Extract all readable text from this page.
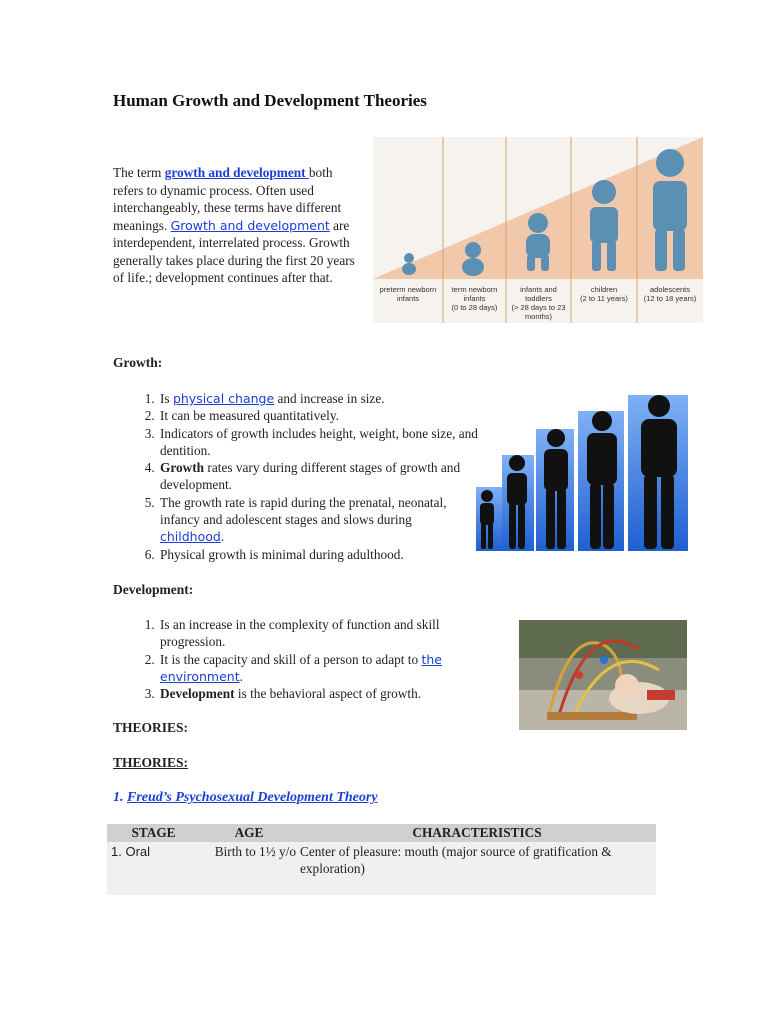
Human Growth and Development Theories

The term growth and development both refers to dynamic process. Often used interchangeably, these terms have different meanings. Growth and development are interdependent, interrelated process. Growth generally takes place during the first 20 years of life.; development continues after that.

preterm newborn infants
term newborn infants
(0 to 28 days)
infants and toddlers
(> 28 days to 23 months)
children
(2 to 11 years)
adolescents
(12 to 18 years)

Growth:

1. Is physical change and increase in size.
2. It can be measured quantitatively.
3. Indicators of growth includes height, weight, bone size, and dentition.
4. Growth rates vary during different stages of growth and development.
5. The growth rate is rapid during the prenatal, neonatal, infancy and adolescent stages and slows during childhood.
6. Physical growth is minimal during adulthood.

Development:

1. Is an increase in the complexity of function and skill progression.
2. It is the capacity and skill of a person to adapt to the environment.
3. Development is the behavioral aspect of growth.

THEORIES:

THEORIES:

1. Freud’s Psychosexual Development Theory
STAGE	AGE	CHARACTERISTICS
1. Oral	Birth to 1½ y/o	Center of pleasure: mouth (major source of gratification & exploration)
